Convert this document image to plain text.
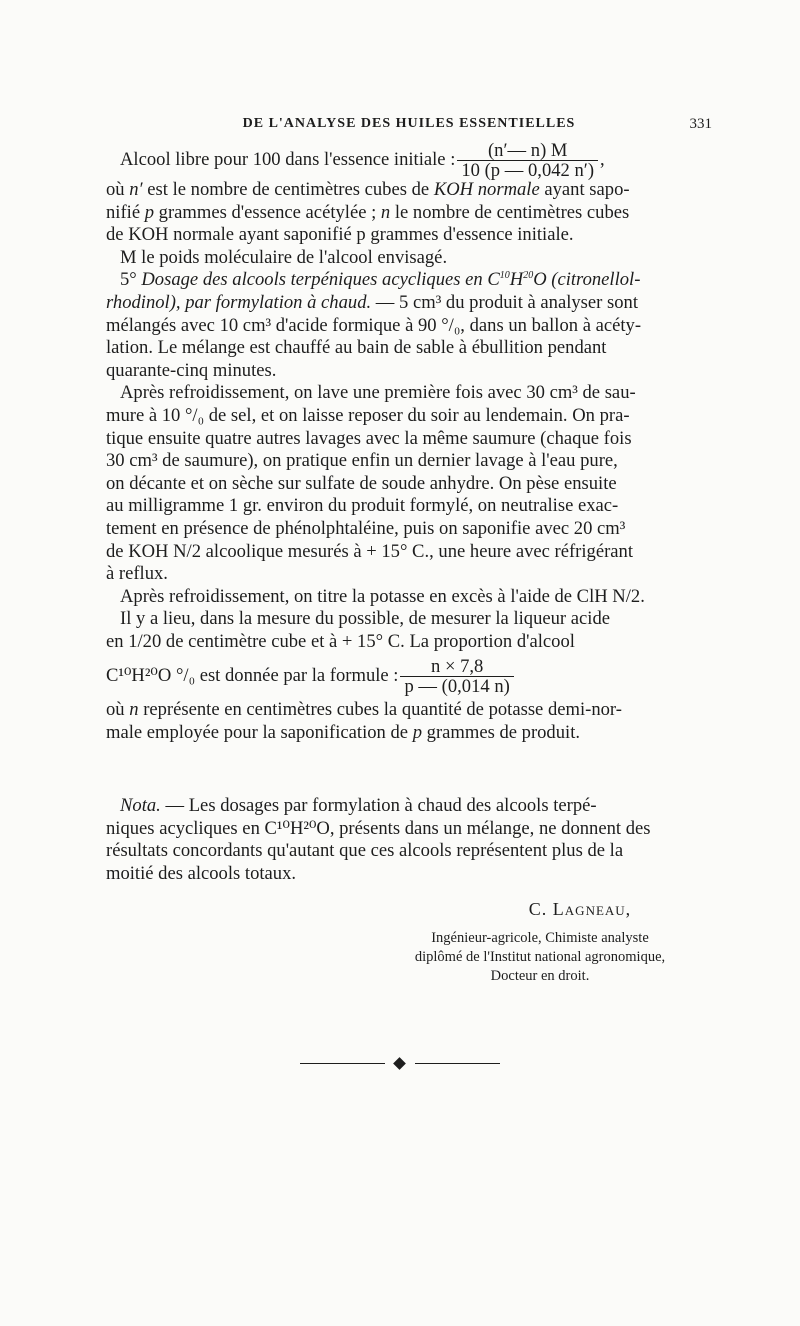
DE L'ANALYSE DES HUILES ESSENTIELLES	331
Alcool libre pour 100 dans l'essence initiale : $\frac{(n'— n) M}{10 (p — 0,042 n')}$ ,
où n′ est le nombre de centimètres cubes de KOH normale ayant sapo-
nifié p grammes d'essence acétylée ; n le nombre de centimètres cubes
de KOH normale ayant saponifié p grammes d'essence initiale.
M le poids moléculaire de l'alcool envisagé.
5° Dosage des alcools terpéniques acycliques en $C^{10}H^{20}O$ (citronellol-
rhodinol), par formylation à chaud. — 5 cm³ du produit à analyser sont
mélangés avec 10 cm³ d'acide formique à 90 °/₀, dans un ballon à acéty-
lation. Le mélange est chauffé au bain de sable à ébullition pendant
quarante-cinq minutes.
Après refroidissement, on lave une première fois avec 30 cm³ de sau-
mure à 10 °/₀ de sel, et on laisse reposer du soir au lendemain. On pra-
tique ensuite quatre autres lavages avec la même saumure (chaque fois
30 cm³ de saumure), on pratique enfin un dernier lavage à l'eau pure,
on décante et on sèche sur sulfate de soude anhydre. On pèse ensuite
au milligramme 1 gr. environ du produit formylé, on neutralise exac-
tement en présence de phénolphtaléine, puis on saponifie avec 20 cm³
de KOH N/2 alcoolique mesurés à + 15° C., une heure avec réfrigérant
à reflux.
Après refroidissement, on titre la potasse en excès à l'aide de ClH N/2.
Il y a lieu, dans la mesure du possible, de mesurer la liqueur acide
en 1/20 de centimètre cube et à + 15° C. La proportion d'alcool
C¹⁰H²⁰O °/₀ est donnée par la formule : $\frac{n \times 7,8}{p — (0,014 n)}$
où n représente en centimètres cubes la quantité de potasse demi-nor-
male employée pour la saponification de p grammes de produit.
Nota. — Les dosages par formylation à chaud des alcools terpé-
niques acycliques en C¹⁰H²⁰O, présents dans un mélange, ne donnent des
résultats concordants qu'autant que ces alcools représentent plus de la
moitié des alcools totaux.
C. Lagneau,
Ingénieur-agricole, Chimiste analyste
diplômé de l'Institut national agronomique,
Docteur en droit.
